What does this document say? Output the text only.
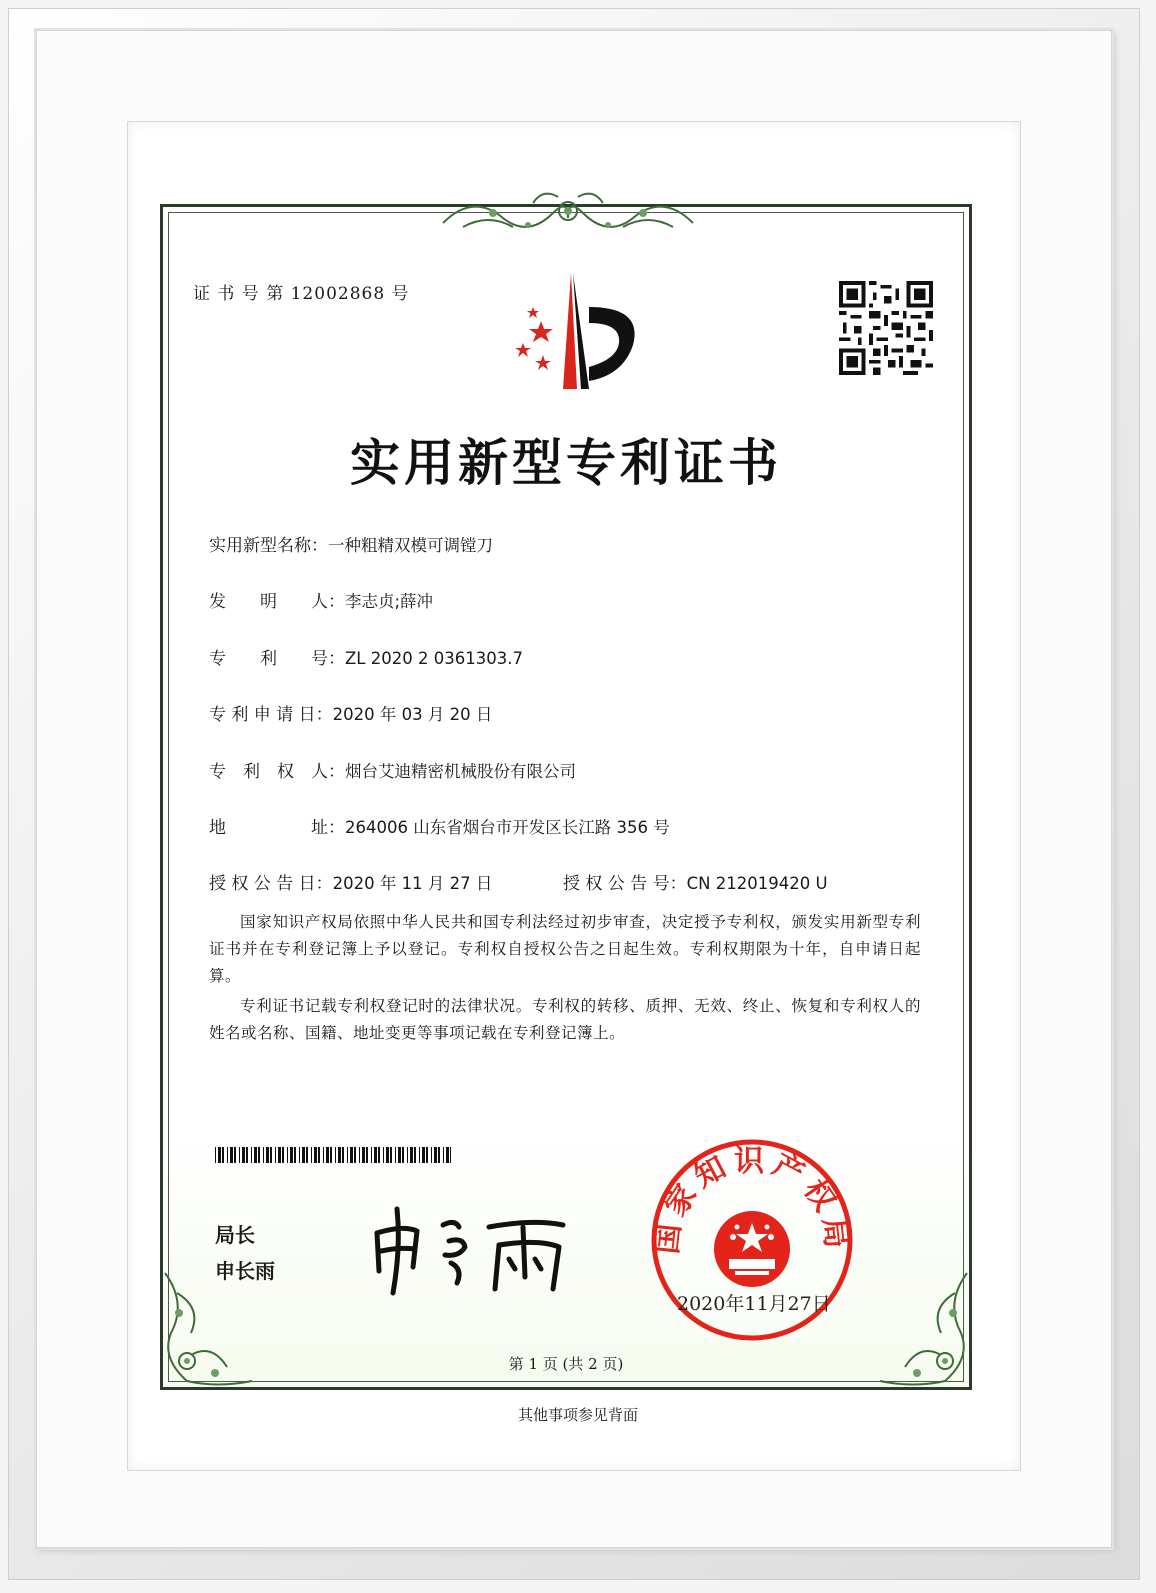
证 书 号 第 12002868 号
实用新型专利证书
实用新型名称：一种粗精双模可调镗刀
发　　明　　人：李志贞;薛冲
专　　利　　号：ZL 2020 2 0361303.7
专 利 申 请 日：2020 年 03 月 20 日
专　利　权　人：烟台艾迪精密机械股份有限公司
地　　　　　址：264006 山东省烟台市开发区长江路 356 号
授 权 公 告 日：2020 年 11 月 27 日	授 权 公 告 号：CN 212019420 U
国家知识产权局依照中华人民共和国专利法经过初步审查，决定授予专利权，颁发实用新型专利证书并在专利登记簿上予以登记。专利权自授权公告之日起生效。专利权期限为十年，自申请日起算。
专利证书记载专利权登记时的法律状况。专利权的转移、质押、无效、终止、恢复和专利权人的姓名或名称、国籍、地址变更等事项记载在专利登记簿上。
局长
申长雨
国家知识产权局
2020年11月27日
第 1 页 (共 2 页)
其他事项参见背面
